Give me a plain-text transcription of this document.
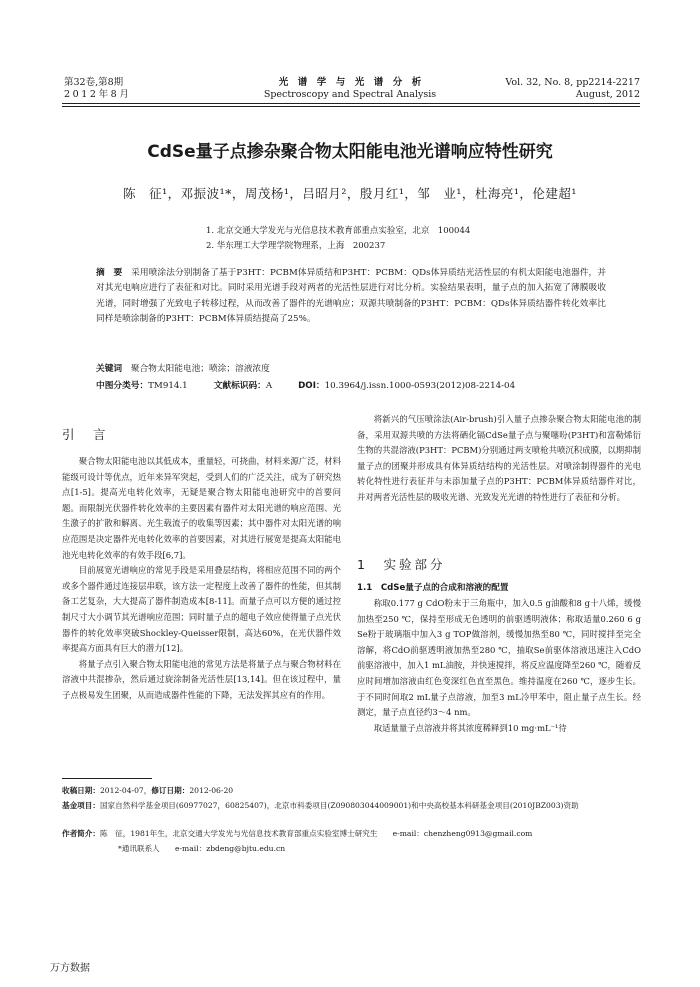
第32卷,第8期
2012年8月
光　谱　学　与　光　谱　分　析
Spectroscopy and Spectral Analysis
Vol. 32, No. 8, pp2214-2217
August, 2012
CdSe量子点掺杂聚合物太阳能电池光谱响应特性研究
陈　征¹，邓振波¹*，周茂杨¹，吕昭月²，殷月红¹，邹　业¹，杜海亮¹，伦建超¹
1. 北京交通大学发光与光信息技术教育部重点实验室，北京　100044
2. 华东理工大学理学院物理系，上海　200237
摘　要　 采用喷涂法分别制备了基于P3HT：PCBM体异质结和P3HT：PCBM：QDs体异质结光活性层的有机太阳能电池器件，并对其光电响应进行了表征和对比。同时采用光谱手段对两者的光活性层进行对比分析。实验结果表明，量子点的加入拓宽了薄膜吸收光谱，同时增强了光致电子转移过程，从而改善了器件的光谱响应；双源共喷制备的P3HT：PCBM：QDs体异质结器件转化效率比同样是喷涂制备的P3HT：PCBM体异质结提高了25%。
关键词　 聚合物太阳能电池；喷涂；溶液浓度
中图分类号：TM914.1	文献标识码：A	DOI：10.3964/j.issn.1000-0593(2012)08-2214-04
引　言

聚合物太阳能电池以其低成本，重量轻，可挠曲，材料来源广泛，材料能级可设计等优点，近年来异军突起，受到人们的广泛关注，成为了研究热点[1-5]。提高光电转化效率，无疑是聚合物太阳能电池研究中的首要问题。而限制光伏器件转化效率的主要因素有器件对太阳光谱的响应范围、光生激子的扩散和解离、光生载流子的收集等因素；其中器件对太阳光谱的响应范围是决定器件光电转化效率的首要因素，对其进行展宽是提高太阳能电池光电转化效率的有效手段[6,7]。

目前展宽光谱响应的常见手段是采用叠层结构，将相应范围不同的两个或多个器件通过连接层串联，该方法一定程度上改善了器件的性能，但其制备工艺复杂，大大提高了器件制造成本[8-11]。而量子点可以方便的通过控制尺寸大小调节其光谱响应范围；同时量子点的超电子效应使得量子点光伏器件的转化效率突破Shockley-Queisser限制，高达60%，在光伏器件效率提高方面具有巨大的潜力[12]。

将量子点引入聚合物太阳能电池的常见方法是将量子点与聚合物材料在溶液中共混掺杂，然后通过旋涂制备光活性层[13,14]。但在该过程中，量子点极易发生团聚，从而造成器件性能的下降，无法发挥其应有的作用。

将新兴的气压喷涂法(Air-brush)引入量子点掺杂聚合物太阳能电池的制备，采用双源共喷的方法将硒化镉CdSe量子点与聚噻吩(P3HT)和富勒烯衍生物的共混溶液(P3HT：PCBM)分别通过两支喷枪共喷沉积成膜，以期抑制量子点的团聚并形成具有体异质结结构的光活性层。对喷涂制得器件的光电转化特性进行表征并与未添加量子点的P3HT：PCBM体异质结器件对比，并对两者光活性层的吸收光谱、光致发光光谱的特性进行了表征和分析。

1　实验部分
1.1　CdSe量子点的合成和溶液的配置

称取0.177 g CdO粉末于三角瓶中，加入0.5 g油酸和8 g十八烯，缓慢加热至250 ℃，保持至形成无色透明的前驱透明液体；称取适量0.260 6 g Se粉于玻璃瓶中加入3 g TOP做溶剂，缓慢加热至80 ℃，同时搅拌至完全溶解，将CdO前驱透明液加热至280 ℃，抽取Se前驱体溶液迅速注入CdO前驱溶液中，加入1 mL油胺，并快速搅拌，将反应温度降至260 ℃，随着反应时间增加溶液由红色变深红色直至黑色。维持温度在260 ℃，逐步生长。于不同时间取2 mL量子点溶液，加至3 mL冷甲苯中，阻止量子点生长。经测定，量子点直径约3～4 nm。

取适量量子点溶液并将其浓度稀释到10 mg·mL⁻¹待

收稿日期：2012-04-07，修订日期：2012-06-20
基金项目：国家自然科学基金项目(60977027，60825407)，北京市科委项目(Z090803044009001)和中央高校基本科研基金项目(2010JBZ003)资助
作者简介：陈　征，1981年生，北京交通大学发光与光信息技术教育部重点实验室博士研究生　　e-mail：chenzheng0913@gmail.com
*通讯联系人　　e-mail：zbdeng@bjtu.edu.cn
万方数据
